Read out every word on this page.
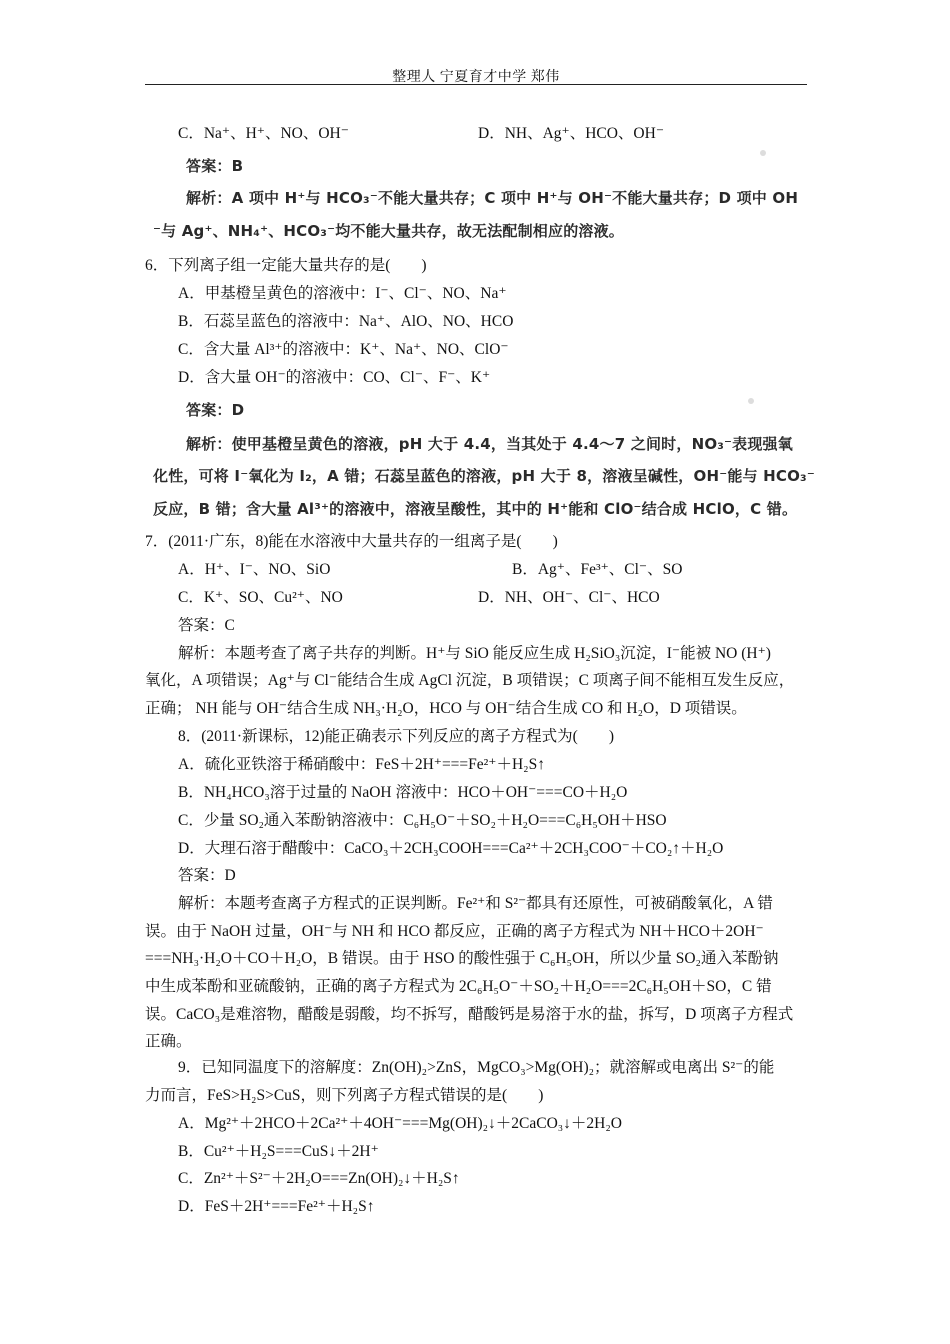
整理人 宁夏育才中学 郑伟
C．Na⁺、H⁺、NO、OH⁻	D．NH、Ag⁺、HCO、OH⁻
答案：B
解析：A 项中 H⁺与 HCO₃⁻不能大量共存；C 项中 H⁺与 OH⁻不能大量共存；D 项中 OH
⁻与 Ag⁺、NH₄⁺、HCO₃⁻均不能大量共存，故无法配制相应的溶液。
6．下列离子组一定能大量共存的是(　　)
A．甲基橙呈黄色的溶液中：I⁻、Cl⁻、NO、Na⁺
B．石蕊呈蓝色的溶液中：Na⁺、AlO、NO、HCO
C．含大量 Al³⁺的溶液中：K⁺、Na⁺、NO、ClO⁻
D．含大量 OH⁻的溶液中：CO、Cl⁻、F⁻、K⁺
答案：D
解析：使甲基橙呈黄色的溶液，pH 大于 4.4，当其处于 4.4～7 之间时，NO₃⁻表现强氧
化性，可将 I⁻氧化为 I₂，A 错；石蕊呈蓝色的溶液，pH 大于 8，溶液呈碱性，OH⁻能与 HCO₃⁻
反应，B 错；含大量 Al³⁺的溶液中，溶液呈酸性，其中的 H⁺能和 ClO⁻结合成 HClO，C 错。
7．(2011·广东，8)能在水溶液中大量共存的一组离子是(　　)
A．H⁺、I⁻、NO、SiO	B．Ag⁺、Fe³⁺、Cl⁻、SO
C．K⁺、SO、Cu²⁺、NO	D．NH、OH⁻、Cl⁻、HCO
答案：C
解析：本题考查了离子共存的判断。H⁺与 SiO 能反应生成 H₂SiO₃沉淀，I⁻能被 NO (H⁺)
氧化，A 项错误；Ag⁺与 Cl⁻能结合生成 AgCl 沉淀，B 项错误；C 项离子间不能相互发生反应，
正确； NH 能与 OH⁻结合生成 NH₃·H₂O，HCO 与 OH⁻结合生成 CO 和 H₂O，D 项错误。
8．(2011·新课标，12)能正确表示下列反应的离子方程式为(　　)
A．硫化亚铁溶于稀硝酸中：FeS＋2H⁺===Fe²⁺＋H₂S↑
B．NH₄HCO₃溶于过量的 NaOH 溶液中：HCO＋OH⁻===CO＋H₂O
C．少量 SO₂通入苯酚钠溶液中：C₆H₅O⁻＋SO₂＋H₂O===C₆H₅OH＋HSO
D．大理石溶于醋酸中：CaCO₃＋2CH₃COOH===Ca²⁺＋2CH₃COO⁻＋CO₂↑＋H₂O
答案：D
解析：本题考查离子方程式的正误判断。Fe²⁺和 S²⁻都具有还原性，可被硝酸氧化，A 错
误。由于 NaOH 过量，OH⁻与 NH 和 HCO 都反应，正确的离子方程式为 NH＋HCO＋2OH⁻
===NH₃·H₂O＋CO＋H₂O，B 错误。由于 HSO 的酸性强于 C₆H₅OH，所以少量 SO₂通入苯酚钠
中生成苯酚和亚硫酸钠，正确的离子方程式为 2C₆H₅O⁻＋SO₂＋H₂O===2C₆H₅OH＋SO，C 错
误。CaCO₃是难溶物，醋酸是弱酸，均不拆写，醋酸钙是易溶于水的盐，拆写，D 项离子方程式
正确。
9．已知同温度下的溶解度：Zn(OH)₂>ZnS，MgCO₃>Mg(OH)₂；就溶解或电离出 S²⁻的能
力而言，FeS>H₂S>CuS，则下列离子方程式错误的是(　　)
A．Mg²⁺＋2HCO＋2Ca²⁺＋4OH⁻===Mg(OH)₂↓＋2CaCO₃↓＋2H₂O
B．Cu²⁺＋H₂S===CuS↓＋2H⁺
C．Zn²⁺＋S²⁻＋2H₂O===Zn(OH)₂↓＋H₂S↑
D．FeS＋2H⁺===Fe²⁺＋H₂S↑
